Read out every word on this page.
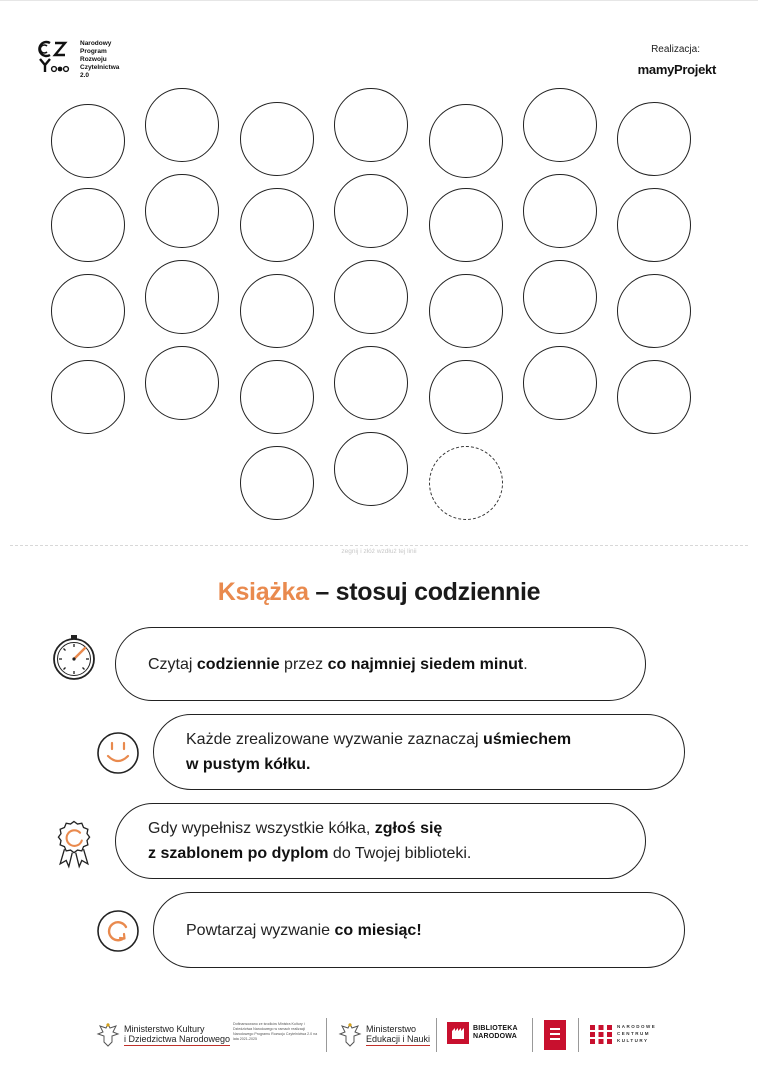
Narodowy
Program
Rozwoju
Czytelnictwa
2.0
Realizacja:
mamyProjekt
zegnij i złóż wzdłuż tej linii
Książka – stosuj codziennie
Czytaj codziennie przez co najmniej siedem minut.
Każde zrealizowane wyzwanie zaznaczaj uśmiechem
w pustym kółku.
Gdy wypełnisz wszystkie kółka, zgłoś się
z szablonem po dyplom do Twojej biblioteki.
Powtarzaj wyzwanie co miesiąc!
Ministerstwo Kultury
i Dziedzictwa Narodowego
Dofinansowano ze środków Ministra Kultury i Dziedzictwa Narodowego w ramach realizacji Narodowego Programu Rozwoju Czytelnictwa 2.0 na lata 2021-2025
Ministerstwo
Edukacji i Nauki
BIBLIOTEKA
NARODOWA
NARODOWE
CENTRUM
KULTURY
